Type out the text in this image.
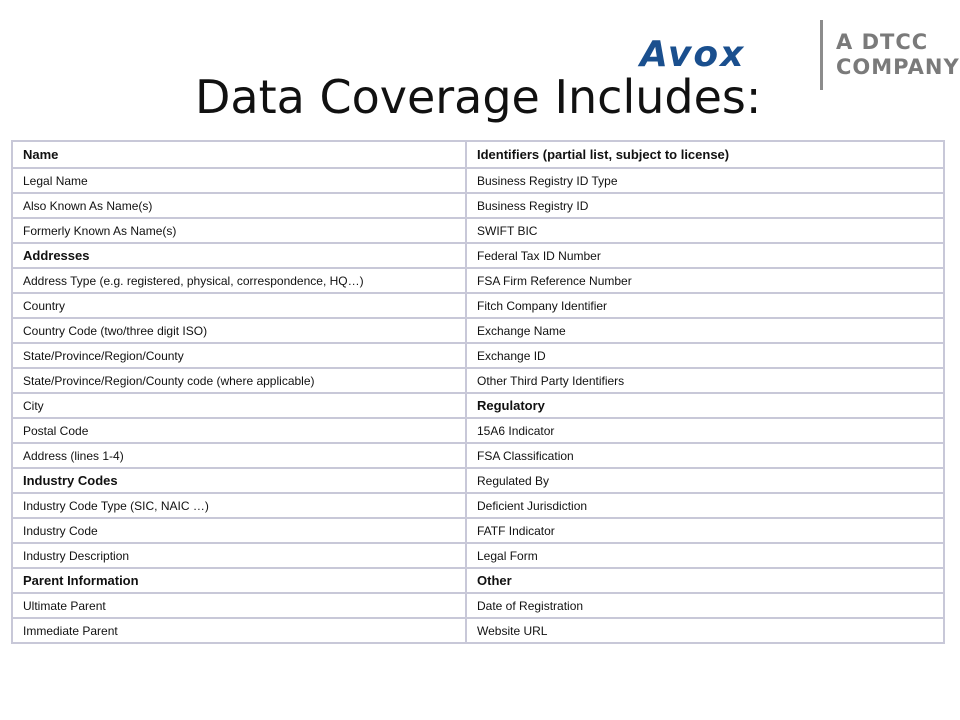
Avox	A DTCC
COMPANY
Data Coverage Includes:
Name	Identifiers (partial list, subject to license)
Legal Name	Business Registry ID Type
Also Known As Name(s)	Business Registry ID
Formerly Known As Name(s)	SWIFT BIC
Addresses	Federal Tax ID Number
Address Type (e.g. registered, physical, correspondence, HQ…)	FSA Firm Reference Number
Country	Fitch Company Identifier
Country Code (two/three digit ISO)	Exchange Name
State/Province/Region/County	Exchange ID
State/Province/Region/County code (where applicable)	Other Third Party Identifiers
City	Regulatory
Postal Code	15A6 Indicator
Address (lines 1-4)	FSA Classification
Industry Codes	Regulated By
Industry Code Type (SIC, NAIC …)	Deficient Jurisdiction
Industry Code	FATF Indicator
Industry Description	Legal Form
Parent Information	Other
Ultimate Parent	Date of Registration
Immediate Parent	Website URL
